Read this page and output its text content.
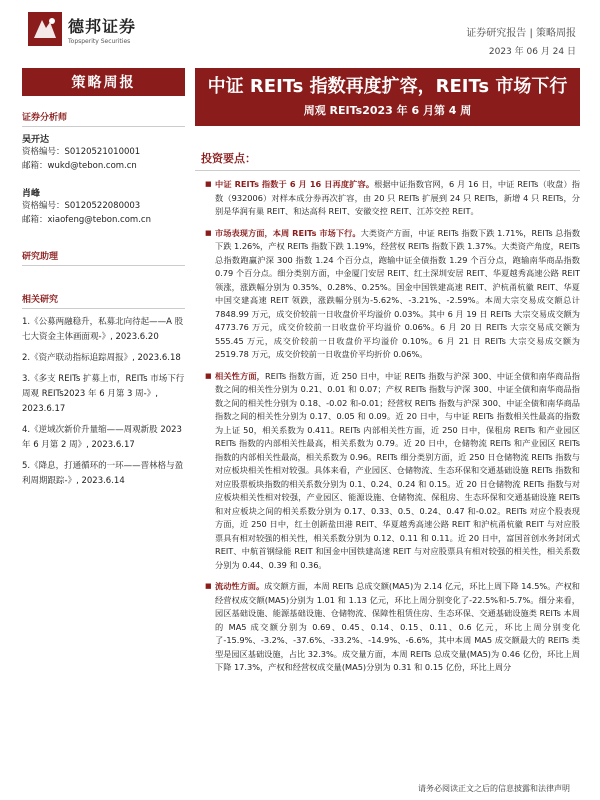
德邦证券
Topsperity Securities
证券研究报告 | 策略周报
2023 年 06 月 24 日
策略周报
证券分析师
吴开达
资格编号：S0120521010001
邮箱：wukd@tebon.com.cn
肖峰
资格编号：S0120522080003
邮箱：xiaofeng@tebon.com.cn
研究助理
相关研究
1.《公募两融稳升，私募北向待起——A 股七大资金主体画面观-》, 2023.6.20
2.《资产联动指标追踪周报》, 2023.6.18
3.《多支 REITs 扩募上市，REITs 市场下行周观 REITs2023 年 6 月第 3 周-》, 2023.6.17
4.《逆域次新价升量缩——周观新股 2023 年 6 月第 2 周》, 2023.6.17
5.《降息，打通循环的一环——晋林格与盈利周期跟踪-》, 2023.6.14
中证 REITs 指数再度扩容，REITs 市场下行
周观 REITs2023 年 6 月第 4 周
投资要点：
■ 中证 REITs 指数于 6 月 16 日再度扩容。根据中证指数官网，6 月 16 日，中证 REITs（收盘）指数（932006）对样本成分券再次扩容，由 20 只 REITs 扩展到 24 只 REITs，新增 4 只 REITs，分别是华润有巢 REIT、和达高科 REIT、安徽交控 REIT、江苏交控 REIT。
■ 市场表现方面，本周 REITs 市场下行。大类资产方面，中证 REITs 指数下跌 1.71%，REITs 总指数下跌 1.26%，产权 REITs 指数下跌 1.19%，经营权 REITs 指数下跌 1.37%。大类资产角度，REITs 总指数跑赢沪深 300 指数 1.24 个百分点，跑输中证全债指数 1.29 个百分点，跑输南华商品指数 0.79 个百分点。细分类别方面，中金厦门安居 REIT、红土深圳安居 REIT、华夏越秀高速公路 REIT 领涨，涨跌幅分别为 0.35%、0.28%、0.25%。国金中国铁建高速 REIT、沪杭甬杭徽 REIT、华夏中国交建高速 REIT 领跌，涨跌幅分别为-5.62%、-3.21%、-2.59%。本周大宗交易成交额总计 7848.99 万元，成交价较前一日收盘价平均溢价 0.03%。其中 6 月 19 日 REITs 大宗交易成交额为 4773.76 万元，成交价较前一日收盘价平均溢价 0.06%。6 月 20 日 REITs 大宗交易成交额为 555.45 万元，成交价较前一日收盘价平均溢价 0.10%。6 月 21 日 REITs 大宗交易成交额为 2519.78 万元，成交价较前一日收盘价平均折价 0.06%。
■ 相关性方面，REITs 指数方面，近 250 日中，中证 REITs 指数与沪深 300、中证全债和南华商品指数之间的相关性分别为 0.21、0.01 和 0.07；产权 REITs 指数与沪深 300、中证全债和南华商品指数之间的相关性分别为 0.18、-0.02 和-0.01；经营权 REITs 指数与沪深 300、中证全债和南华商品指数之间的相关性分别为 0.17、0.05 和 0.09。近 20 日中，与中证 REITs 指数相关性最高的指数为上证 50，相关系数为 0.411。REITs 内部相关性方面，近 250 日中，保租房 REITs 和产业园区 REITs 指数的内部相关性最高，相关系数为 0.79。近 20 日中，仓储物流 REITs 和产业园区 REITs 指数的内部相关性最高，相关系数为 0.96。REITs 细分类别方面，近 250 日仓储物流 REITs 指数与对应板块相关性相对较强。具体来看，产业园区、仓储物流、生态环保和交通基础设施 REITs 指数和对应股票板块指数的相关系数分别为 0.1、0.24、0.24 和 0.15。近 20 日仓储物流 REITs 指数与对应板块相关性相对较强，产业园区、能源设施、仓储物流、保租房、生态环保和交通基础设施 REITs 和对应板块之间的相关系数分别为 0.17、0.33、0.5、0.24、0.47 和-0.02。REITs 对应个股表现方面，近 250 日中，红土创新盐田港 REIT、华夏越秀高速公路 REIT 和沪杭甬杭徽 REIT 与对应股票具有相对较强的相关性，相关系数分别为 0.12、0.11 和 0.11。近 20 日中，富国首创水务封闭式 REIT、中航首钢绿能 REIT 和国金中国铁建高速 REIT 与对应股票具有相对较强的相关性，相关系数分别为 0.44、0.39 和 0.36。
■ 流动性方面。成交额方面，本周 REITs 总成交额(MA5)为 2.14 亿元，环比上周下降 14.5%。产权和经营权成交额(MA5)分别为 1.01 和 1.13 亿元，环比上周分别变化了-22.5%和-5.7%。细分来看，园区基础设施、能源基础设施、仓储物流、保障性租赁住房、生态环保、交通基础设施类 REITs 本周的 MA5 成交额分别为 0.69、0.45、0.14、0.15、0.11、0.6 亿元，环比上周分别变化了-15.9%、-3.2%、-37.6%、-33.2%、-14.9%、-6.6%，其中本周 MA5 成交额最大的 REITs 类型是园区基础设施，占比 32.3%。成交量方面，本周 REITs 总成交量(MA5)为 0.46 亿份，环比上周下降 17.3%，产权和经营权成交量(MA5)分别为 0.31 和 0.15 亿份，环比上周分
请务必阅读正文之后的信息披露和法律声明
